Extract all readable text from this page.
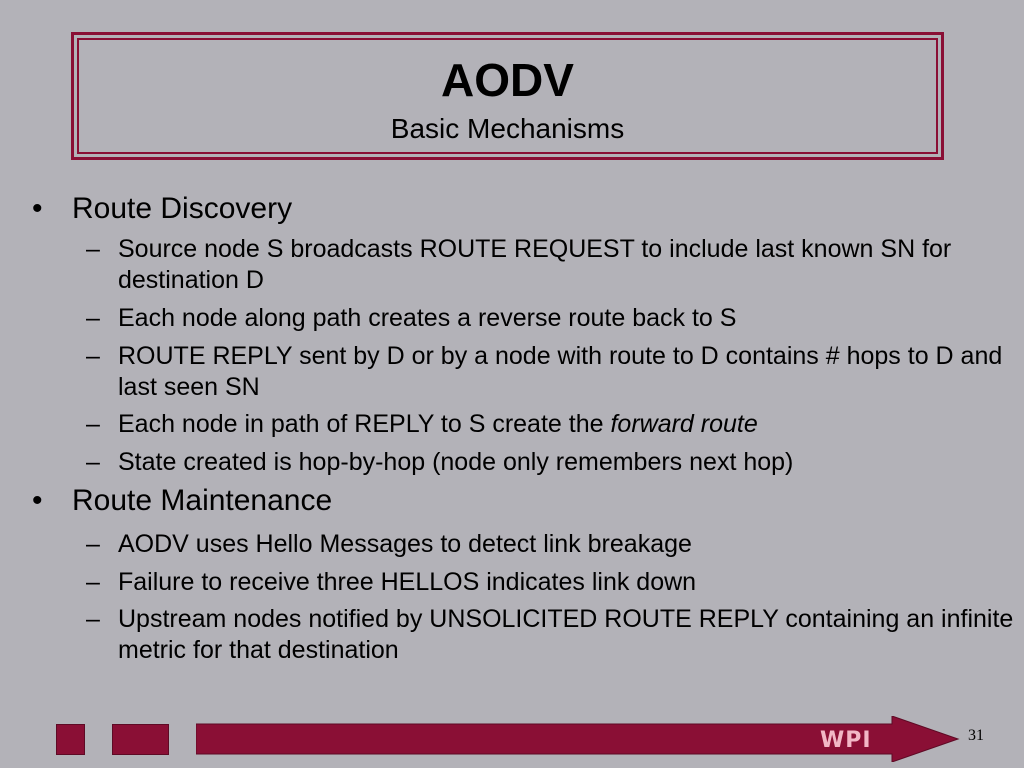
AODV
Basic Mechanisms
• Route Discovery
– Source node S broadcasts ROUTE REQUEST to include last known SN for destination D
– Each node along path creates a reverse route back to S
– ROUTE REPLY sent by D or by a node with route to D contains # hops to D and last seen SN
– Each node in path of REPLY to S create the forward route
– State created is hop-by-hop (node only remembers next hop)
• Route Maintenance
– AODV uses Hello Messages to detect link breakage
– Failure to receive three HELLOS indicates link down
– Upstream nodes notified by UNSOLICITED ROUTE REPLY containing an infinite metric for that destination
WPI	31
